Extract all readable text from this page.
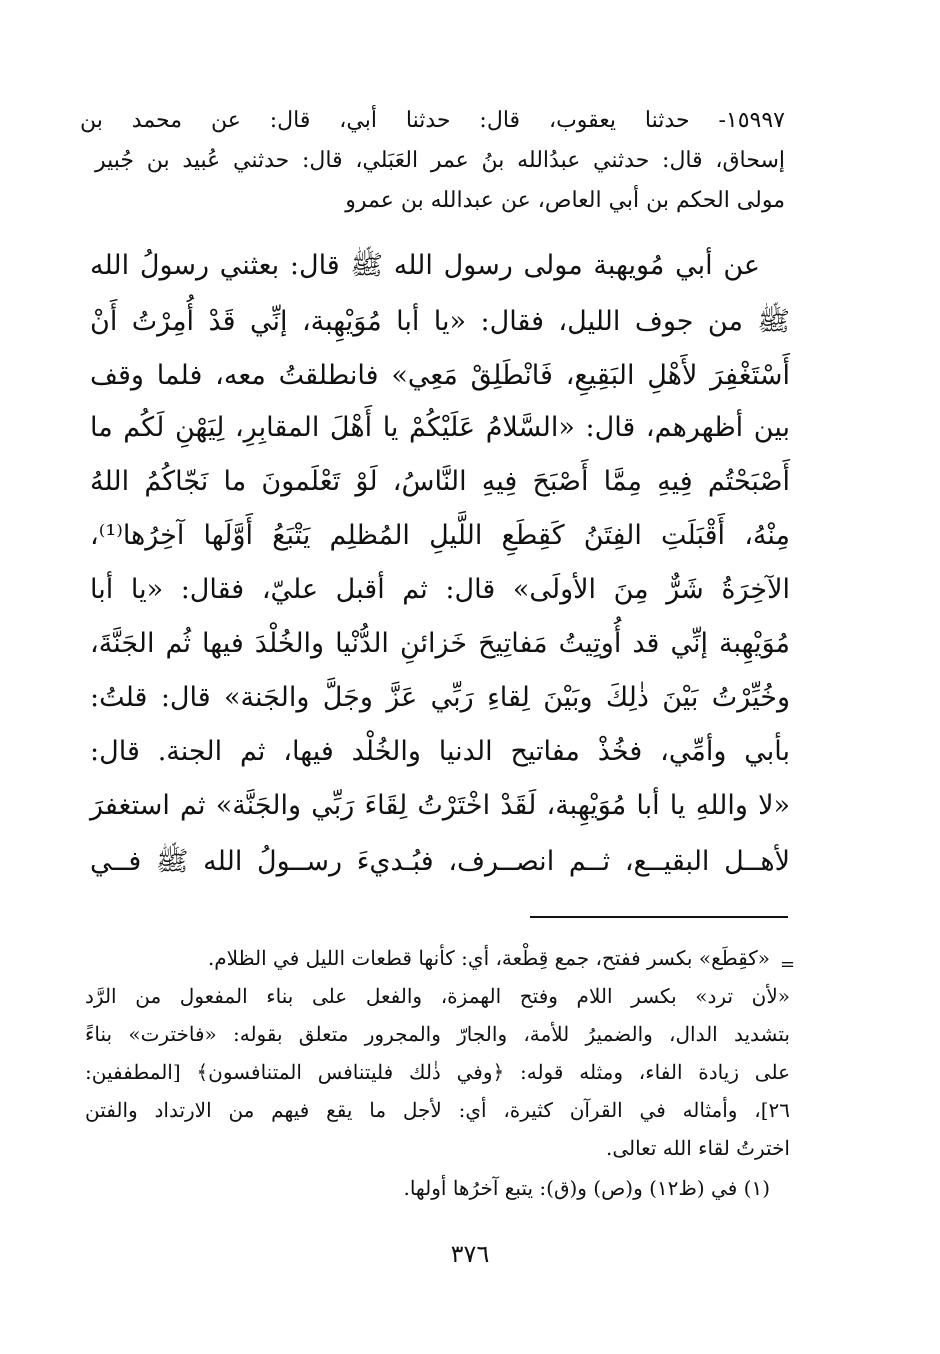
١٥٩٩٧- حدثنا يعقوب، قال: حدثنا أبي، قال: عن محمد بن
إسحاق، قال: حدثني عبدُالله بنُ عمر العَبَلي، قال: حدثني عُبيد بن جُبير
مولى الحكم بن أبي العاص، عن عبدالله بن عمرو
عن أبي مُويهبة مولى رسول الله ﷺ قال: بعثني رسولُ الله
ﷺ من جوف الليل، فقال: «يا أبا مُوَيْهِبة، إنِّي قَدْ أُمِرْتُ أَنْ
أَسْتَغْفِرَ لأَهْلِ البَقِيعِ، فَانْطَلِقْ مَعِي» فانطلقتُ معه، فلما وقف
بين أظهرهم، قال: «السَّلامُ عَلَيْكُمْ يا أَهْلَ المقابِرِ، لِيَهْنِ لَكُم ما
أَصْبَحْتُم فِيهِ مِمَّا أَصْبَحَ فِيهِ النَّاسُ، لَوْ تَعْلَمونَ ما نَجّاكُمُ اللهُ
مِنْهُ، أَقْبَلَتِ الفِتَنُ كَقِطَعِ اللَّيلِ المُظلِم يَتْبَعُ أَوَّلَها آخِرُها⁽¹⁾،
الآخِرَةُ شَرٌّ مِنَ الأولَى» قال: ثم أقبل عليّ، فقال: «يا أبا
مُوَيْهِبة إنِّي قد أُوتِيتُ مَفاتِيحَ خَزائنِ الدُّنْيا والخُلْدَ فيها ثُم الجَنَّةَ،
وخُيِّرْتُ بَيْنَ ذٰلِكَ وبَيْنَ لِقاءِ رَبِّي عَزَّ وجَلَّ والجَنة» قال: قلتُ:
بأبي وأمِّي، فخُذْ مفاتيح الدنيا والخُلْد فيها، ثم الجنة. قال:
«لا واللهِ يا أبا مُوَيْهِبة، لَقَدْ اخْتَرْتُ لِقَاءَ رَبِّي والجَنَّة» ثم استغفرَ
لأهــل البقيــع، ثــم انصــرف، فبُـديءَ رســولُ الله ﷺ فــي
=
«كقِطَع» بكسر ففتح، جمع قِطْعة، أي: كأنها قطعات الليل في الظلام.
«لأن ترد» بكسر اللام وفتح الهمزة، والفعل على بناء المفعول من الرَّد
بتشديد الدال، والضميرُ للأمة، والجارّ والمجرور متعلق بقوله: «فاخترت» بناءً
على زيادة الفاء، ومثله قوله: ﴿وفي ذٰلك فليتنافس المتنافسون﴾ [المطففين:
٢٦]، وأمثاله في القرآن كثيرة، أي: لأجل ما يقع فيهم من الارتداد والفتن
اخترتُ لقاء الله تعالى.
(١) في (ظ١٢) و(ص) و(ق): يتبع آخرُها أولها.
٣٧٦
